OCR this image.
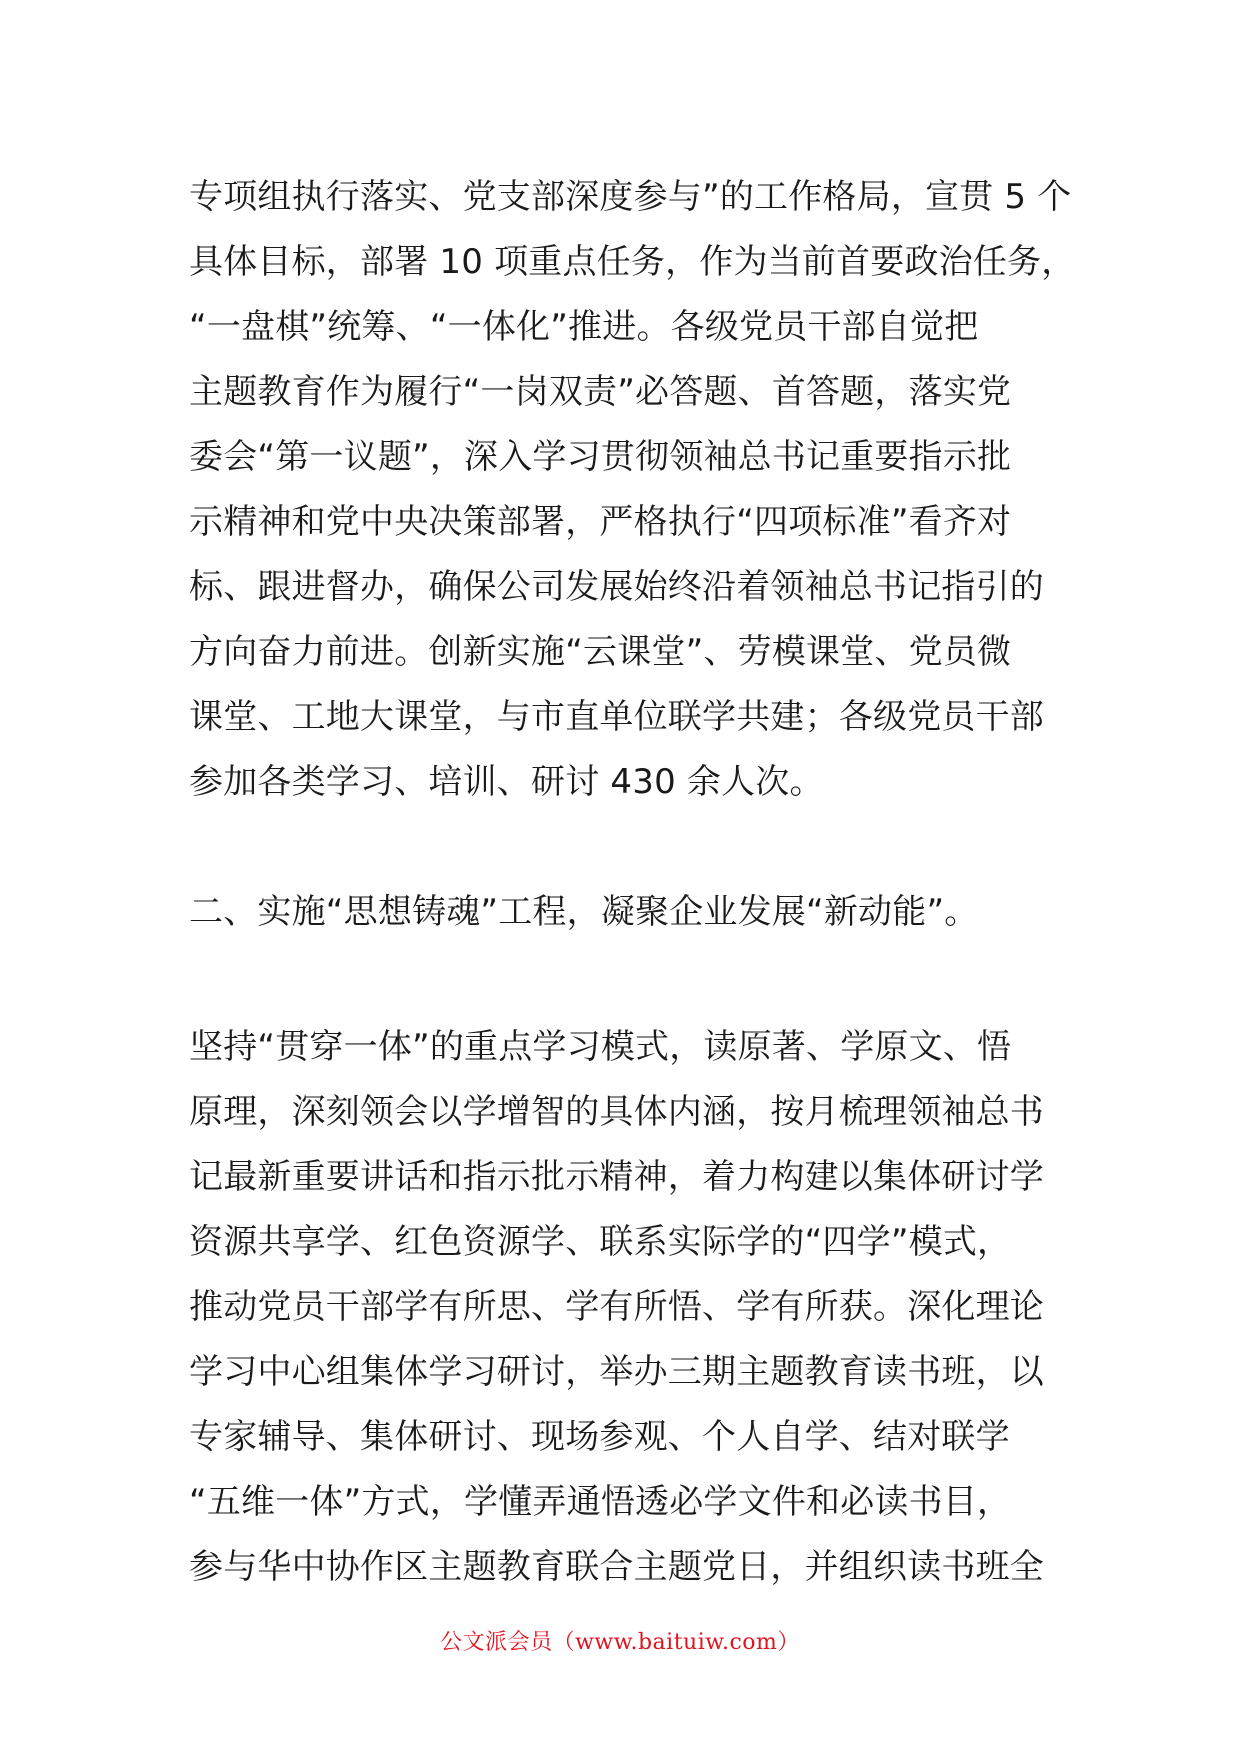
专项组执行落实、党支部深度参与”的工作格局，宣贯 5 个
具体目标，部署 10 项重点任务，作为当前首要政治任务，
“一盘棋”统筹、“一体化”推进。各级党员干部自觉把
主题教育作为履行“一岗双责”必答题、首答题，落实党
委会“第一议题”，深入学习贯彻领袖总书记重要指示批
示精神和党中央决策部署，严格执行“四项标准”看齐对
标、跟进督办，确保公司发展始终沿着领袖总书记指引的
方向奋力前进。创新实施“云课堂”、劳模课堂、党员微
课堂、工地大课堂，与市直单位联学共建；各级党员干部
参加各类学习、培训、研讨 430 余人次。
二、实施“思想铸魂”工程，凝聚企业发展“新动能”。
坚持“贯穿一体”的重点学习模式，读原著、学原文、悟
原理，深刻领会以学增智的具体内涵，按月梳理领袖总书
记最新重要讲话和指示批示精神，着力构建以集体研讨学
资源共享学、红色资源学、联系实际学的“四学”模式，
推动党员干部学有所思、学有所悟、学有所获。深化理论
学习中心组集体学习研讨，举办三期主题教育读书班，以
专家辅导、集体研讨、现场参观、个人自学、结对联学
“五维一体”方式，学懂弄通悟透必学文件和必读书目，
参与华中协作区主题教育联合主题党日，并组织读书班全
公文派会员（www.baituiw.com）
